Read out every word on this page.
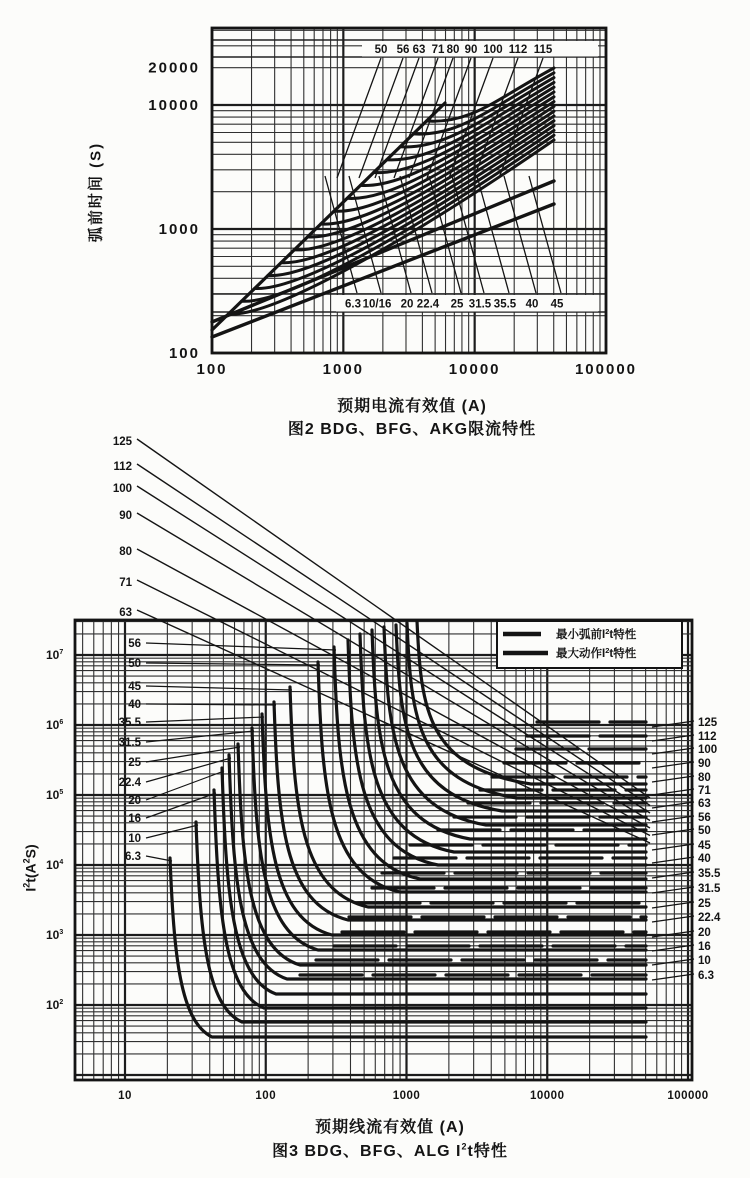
50 56 63 71 80 90 100 112 115
6.3 10/16 20 22.4 25 31.5 35.5 40 45
20000
10000
1000
100
100	1000	10000	100000
最小弧前$I^2t$特性
最大动作$I^2t$特性
125
112
100
90
80
71
63
56
50
45
40
35.5
31.5
25
22.4
20
16
10
6.3
125
112
100
90
80
71
63
56
50
45
40
35.5
31.5
25
22.4
20
16
10
6.3
$10^7$
$10^6$
$10^5$
$10^4$
$10^3$
$10^2$
10	100	1000	10000	100000
弧前时间 (S)
预期电流有效值 (A)
图2 BDG、BFG、AKG限流特性
$I^2t(A^2S)$
预期线流有效值 (A)
图3 BDG、BFG、ALG $I^2t$特性
